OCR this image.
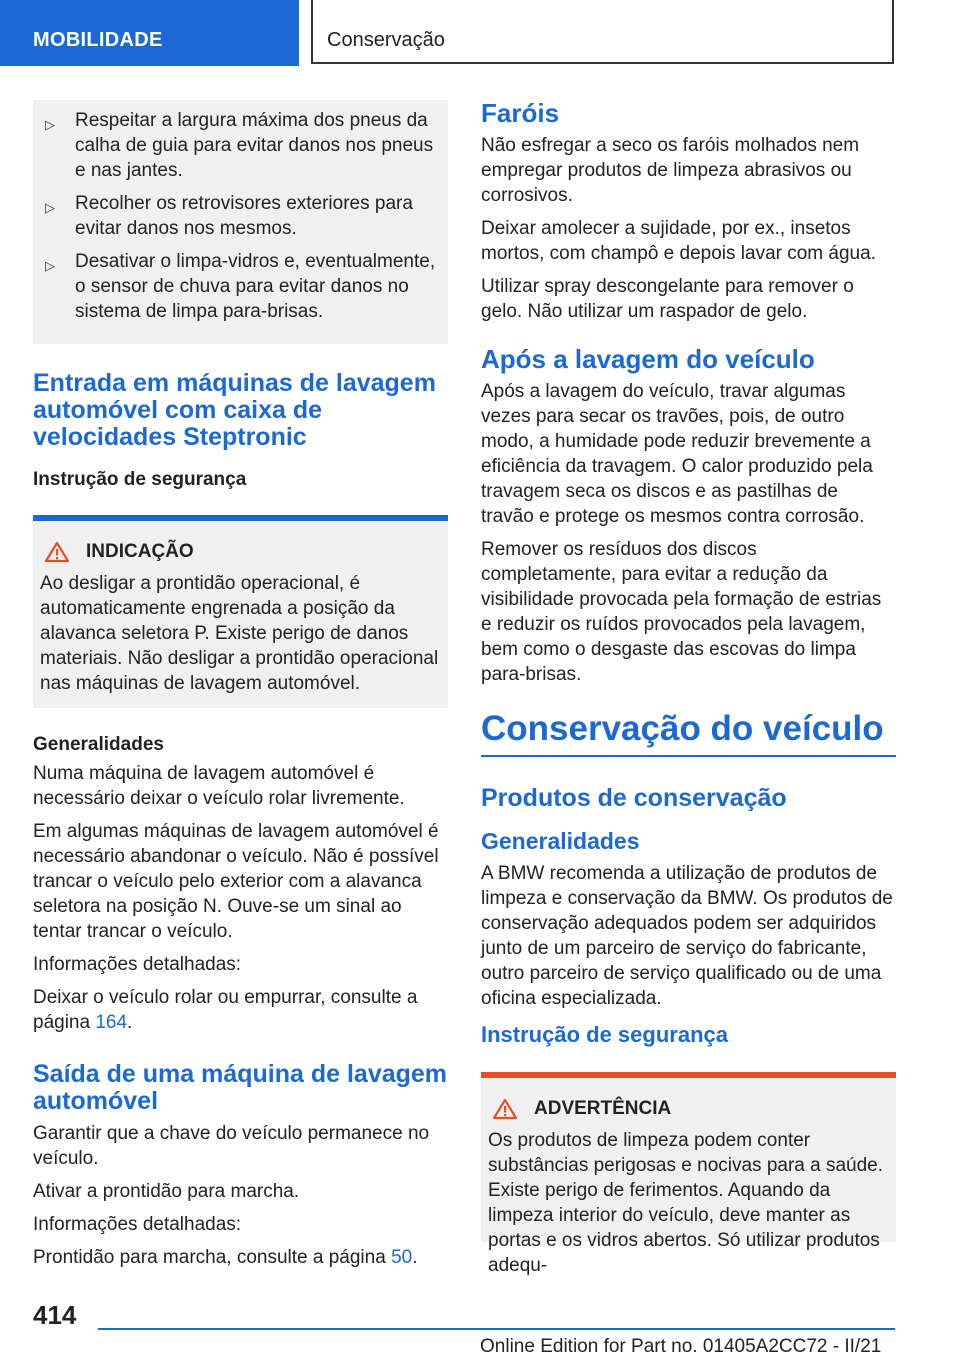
MOBILIDADE	Conservação
▷ Respeitar a largura máxima dos pneus da calha de guia para evitar danos nos pneus e nas jantes.
▷ Recolher os retrovisores exteriores para evitar danos nos mesmos.
▷ Desativar o limpa-vidros e, eventualmente, o sensor de chuva para evitar danos no sistema de limpa para-brisas.
Entrada em máquinas de lavagem automóvel com caixa de velocidades Steptronic
Instrução de segurança
INDICAÇÃO

Ao desligar a prontidão operacional, é automaticamente engrenada a posição da alavanca seletora P. Existe perigo de danos materiais. Não desligar a prontidão operacional nas máquinas de lavagem automóvel.

Generalidades

Numa máquina de lavagem automóvel é necessário deixar o veículo rolar livremente.

Em algumas máquinas de lavagem automóvel é necessário abandonar o veículo. Não é possível trancar o veículo pelo exterior com a alavanca seletora na posição N. Ouve-se um sinal ao tentar trancar o veículo.

Informações detalhadas:

Deixar o veículo rolar ou empurrar, consulte a página 164.

Saída de uma máquina de lavagem automóvel

Garantir que a chave do veículo permanece no veículo.

Ativar a prontidão para marcha.

Informações detalhadas:

Prontidão para marcha, consulte a página 50.

Faróis

Não esfregar a seco os faróis molhados nem empregar produtos de limpeza abrasivos ou corrosivos.

Deixar amolecer a sujidade, por ex., insetos mortos, com champô e depois lavar com água.

Utilizar spray descongelante para remover o gelo. Não utilizar um raspador de gelo.

Após a lavagem do veículo

Após a lavagem do veículo, travar algumas vezes para secar os travões, pois, de outro modo, a humidade pode reduzir brevemente a eficiência da travagem. O calor produzido pela travagem seca os discos e as pastilhas de travão e protege os mesmos contra corrosão.

Remover os resíduos dos discos completamente, para evitar a redução da visibilidade provocada pela formação de estrias e reduzir os ruídos provocados pela lavagem, bem como o desgaste das escovas do limpa para-brisas.

Conservação do veículo
Produtos de conservação
Generalidades

A BMW recomenda a utilização de produtos de limpeza e conservação da BMW. Os produtos de conservação adequados podem ser adquiridos junto de um parceiro de serviço do fabricante, outro parceiro de serviço qualificado ou de uma oficina especializada.

Instrução de segurança
ADVERTÊNCIA

Os produtos de limpeza podem conter substâncias perigosas e nocivas para a saúde. Existe perigo de ferimentos. Aquando da limpeza interior do veículo, deve manter as portas e os vidros abertos. Só utilizar produtos adequ-

414
Online Edition for Part no. 01405A2CC72 - II/21
